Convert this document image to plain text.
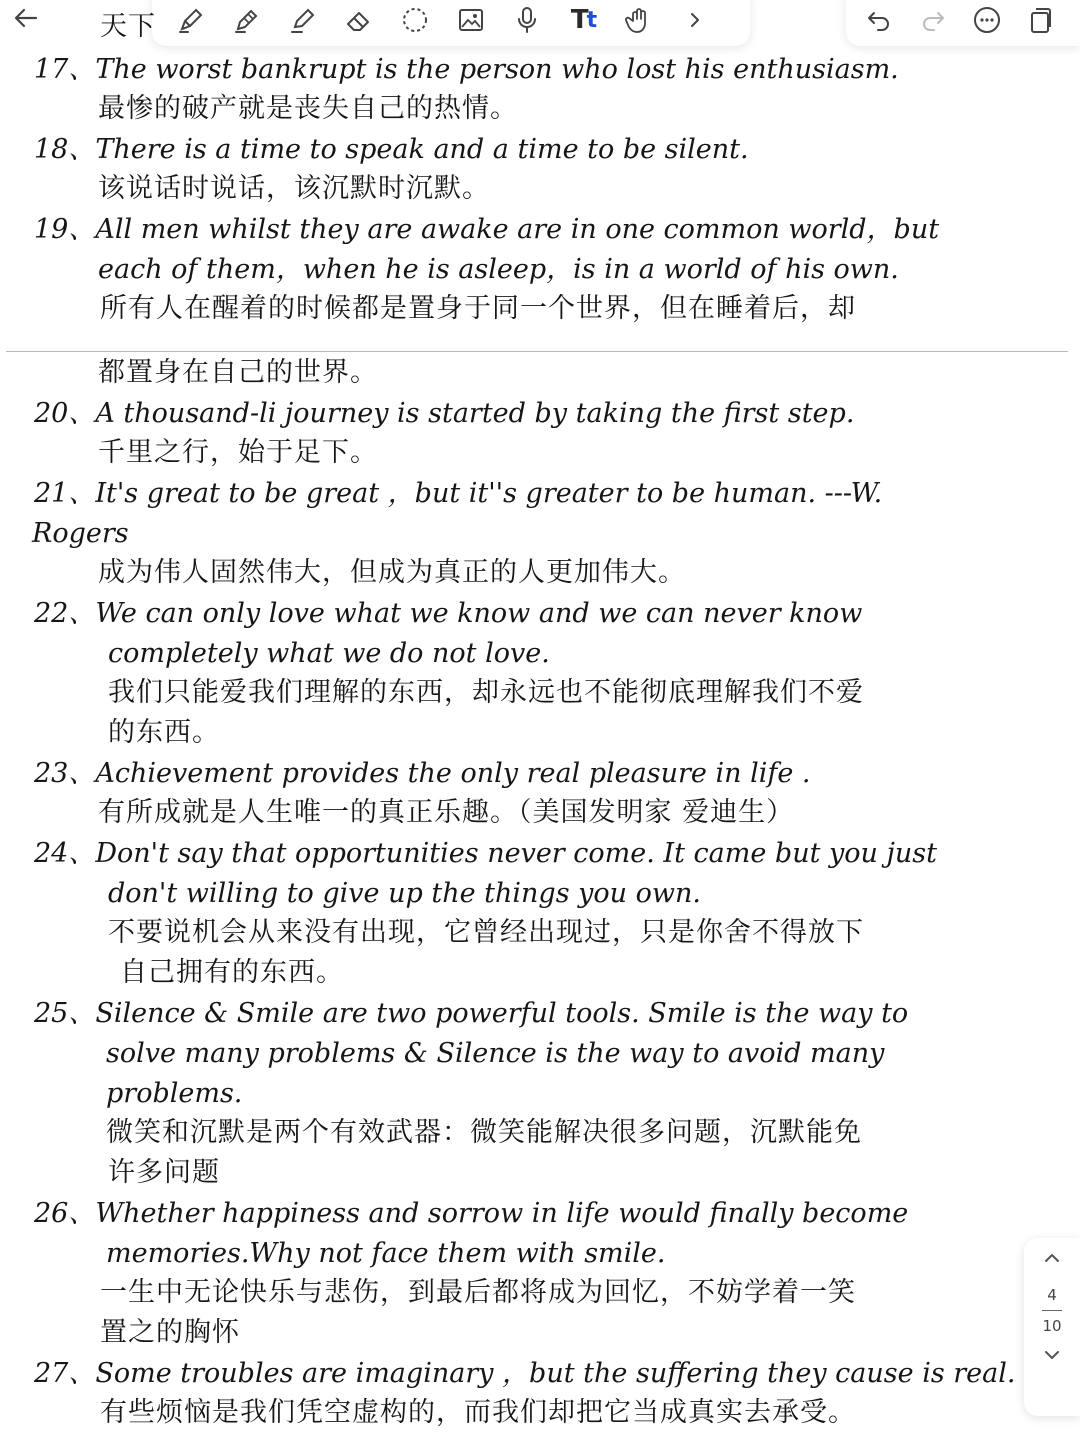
T t
天下
17、The worst bankrupt is the person who lost his enthusiasm.
最惨的破产就是丧失自己的热情。
18、There is a time to speak and a time to be silent.
该说话时说话，该沉默时沉默。
19、All men whilst they are awake are in one common world，but
each of them，when he is asleep，is in a world of his own.
所有人在醒着的时候都是置身于同一个世界，但在睡着后，却
都置身在自己的世界。
20、A thousand-li journey is started by taking the first step.
千里之行，始于足下。
21、It's great to be great ，but it''s greater to be human. ---W.
Rogers
成为伟人固然伟大，但成为真正的人更加伟大。
22、We can only love what we know and we can never know
completely what we do not love.
我们只能爱我们理解的东西，却永远也不能彻底理解我们不爱
的东西。
23、Achievement provides the only real pleasure in life .
有所成就是人生唯一的真正乐趣。（美国发明家 爱迪生）
24、Don't say that opportunities never come. It came but you just
don't willing to give up the things you own.
不要说机会从来没有出现，它曾经出现过，只是你舍不得放下
自己拥有的东西。
25、Silence & Smile are two powerful tools. Smile is the way to
solve many problems & Silence is the way to avoid many
problems.
微笑和沉默是两个有效武器：微笑能解决很多问题，沉默能免
许多问题
26、Whether happiness and sorrow in life would finally become
memories.Why not face them with smile.
一生中无论快乐与悲伤，到最后都将成为回忆，不妨学着一笑
置之的胸怀
27、Some troubles are imaginary ，but the suffering they cause is real.
有些烦恼是我们凭空虚构的，而我们却把它当成真实去承受。
4
10
